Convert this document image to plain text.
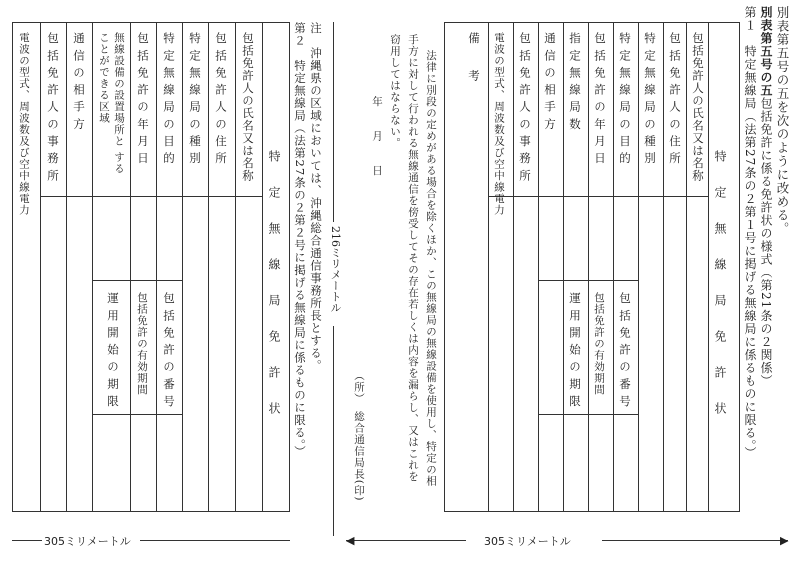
別表第五号の五を次のように改める。
別表第五号の五包括免許に係る免許状の様式（第21条の２関係）
第１　特定無線局（法第27条の２第１号に掲げる無線局に係るものに限る。）
特　定　無　線　局　免　許　状
包括免許人の氏名又は名称
包 括 免 許 人 の 住 所
特 定 無 線 局 の 種 別
特 定 無 線 局 の 目 的
包 括 免 許 の 年 月 日
指 定 無 線 局 数
通 信 の 相 手 方
包 括 免 許 人 の 事 務 所
電波の型式、周波数及び空中線電力
包 括 免 許 の 番 号
包括免許の有効期間
運 用 開 始 の 期 限
備　　考
法律に別段の定めがある場合を除くほか、この無線局の無線設備を使用し、特定の相
手方に対して行われる無線通信を傍受してその存在若しくは内容を漏らし、又はこれを
窃用してはならない。
年　　月　　日
（所）　総合通信局長(印)
◀	▶
305ミリメートル
注　沖縄県の区域においては、沖縄総合通信事務所長とする。
第２　特定無線局（法第27条の２第２号に掲げる無線局に係るものに限る。） 216ミリメートル
特　定　無　線　局　免　許　状
包括免許人の氏名又は名称
包 括 免 許 人 の 住 所
特 定 無 線 局 の 種 別
特 定 無 線 局 の 目 的
包 括 免 許 の 年 月 日
無線設備の設置場所と することができる区域
通 信 の 相 手 方
包 括 免 許 人 の 事 務 所
電波の型式、周波数及び空中線電力
包 括 免 許 の 番 号
包括免許の有効期間
運 用 開 始 の 期 限
305ミリメートル
